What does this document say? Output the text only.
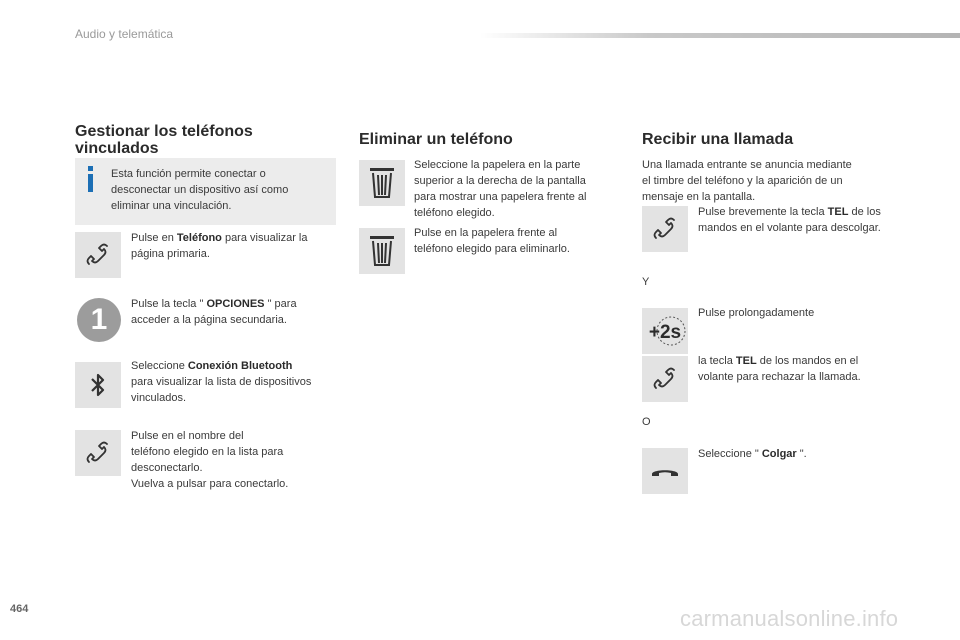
Audio y telemática
Gestionar los teléfonos
vinculados
Esta función permite conectar o
desconectar un dispositivo así como
eliminar una vinculación.
Pulse en Teléfono para visualizar la
página primaria.
1 Pulse la tecla " OPCIONES " para
acceder a la página secundaria.
Seleccione Conexión Bluetooth
para visualizar la lista de dispositivos
vinculados.
Pulse en el nombre del
teléfono elegido en la lista para
desconectarlo.
Vuelva a pulsar para conectarlo.
Eliminar un teléfono
Seleccione la papelera en la parte
superior a la derecha de la pantalla
para mostrar una papelera frente al
teléfono elegido.
Pulse en la papelera frente al
teléfono elegido para eliminarlo.
Recibir una llamada
Una llamada entrante se anuncia mediante
el timbre del teléfono y la aparición de un
mensaje en la pantalla.
Pulse brevemente la tecla TEL de los
mandos en el volante para descolgar.
Y
+2s
Pulse prolongadamente
la tecla TEL de los mandos en el
volante para rechazar la llamada.
O
Seleccione " Colgar ".
464	carmanualsonline.info
